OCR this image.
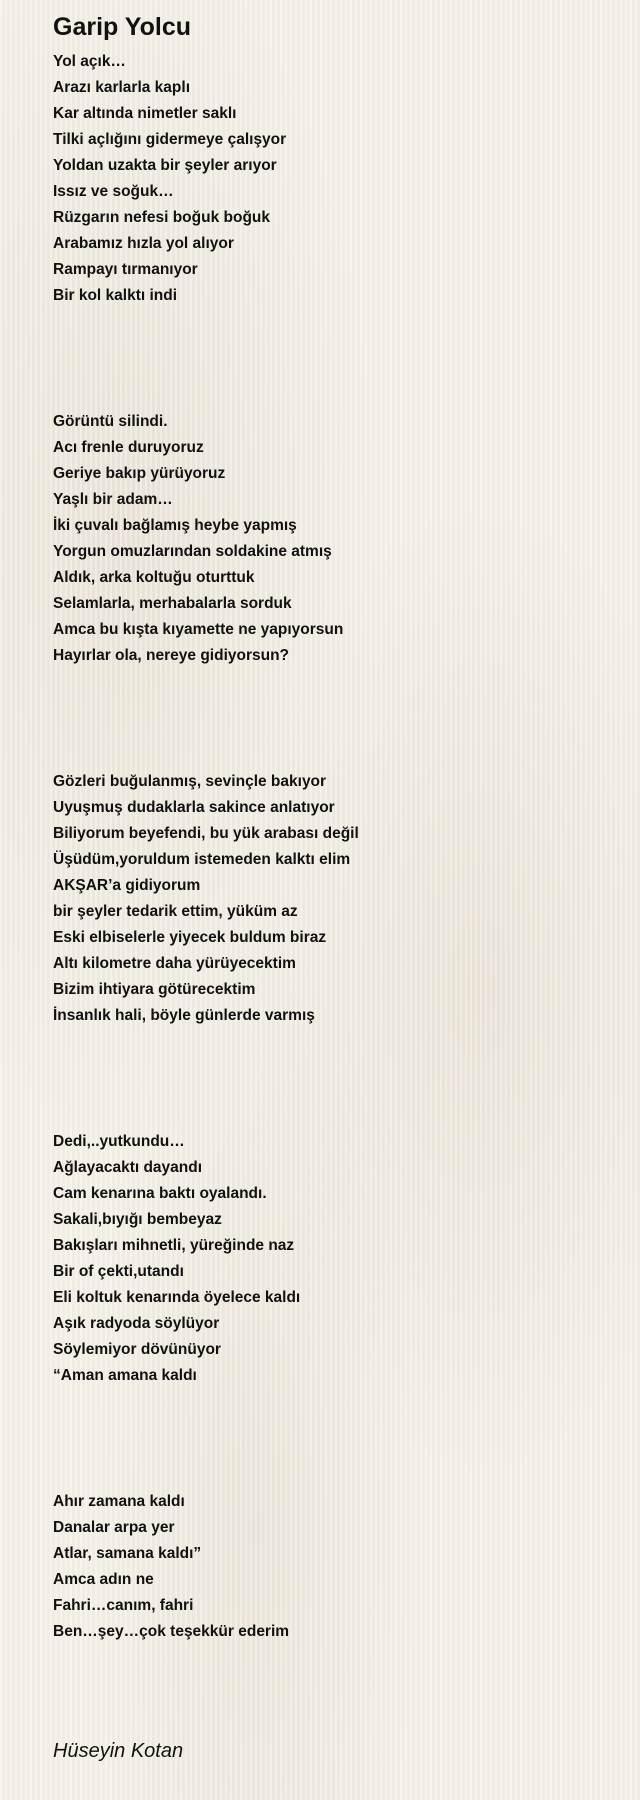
Garip Yolcu
Yol açık…
Arazı karlarla kaplı
Kar altında nimetler saklı
Tilki açlığını gidermeye çalışyor
Yoldan uzakta bir şeyler arıyor
Issız ve soğuk…
Rüzgarın nefesi boğuk boğuk
Arabamız hızla yol alıyor
Rampayı tırmanıyor
Bir kol kalktı indi
Görüntü silindi.
Acı frenle duruyoruz
Geriye bakıp yürüyoruz
Yaşlı bir adam…
İki çuvalı bağlamış heybe yapmış
Yorgun omuzlarından soldakine atmış
Aldık, arka koltuğu oturttuk
Selamlarla, merhabalarla sorduk
Amca bu kışta kıyamette ne yapıyorsun
Hayırlar ola, nereye gidiyorsun?
Gözleri buğulanmış, sevinçle bakıyor
Uyuşmuş dudaklarla sakince anlatıyor
Biliyorum beyefendi, bu yük arabası değil
Üşüdüm,yoruldum istemeden kalktı elim
AKŞAR’a gidiyorum
bir şeyler tedarik ettim, yüküm az
Eski elbiselerle yiyecek buldum biraz
Altı kilometre daha yürüyecektim
Bizim ihtiyara götürecektim
İnsanlık hali, böyle günlerde varmış
Dedi,..yutkundu…
Ağlayacaktı dayandı
Cam kenarına baktı oyalandı.
Sakali,bıyığı bembeyaz
Bakışları mihnetli, yüreğinde naz
Bir of çekti,utandı
Eli koltuk kenarında öyelece kaldı
Aşık radyoda söylüyor
Söylemiyor dövünüyor
“Aman amana kaldı
Ahır zamana kaldı
Danalar arpa yer
Atlar, samana kaldı”
Amca adın ne
Fahri…canım, fahri
Ben…şey…çok teşekkür ederim
Hüseyin Kotan
